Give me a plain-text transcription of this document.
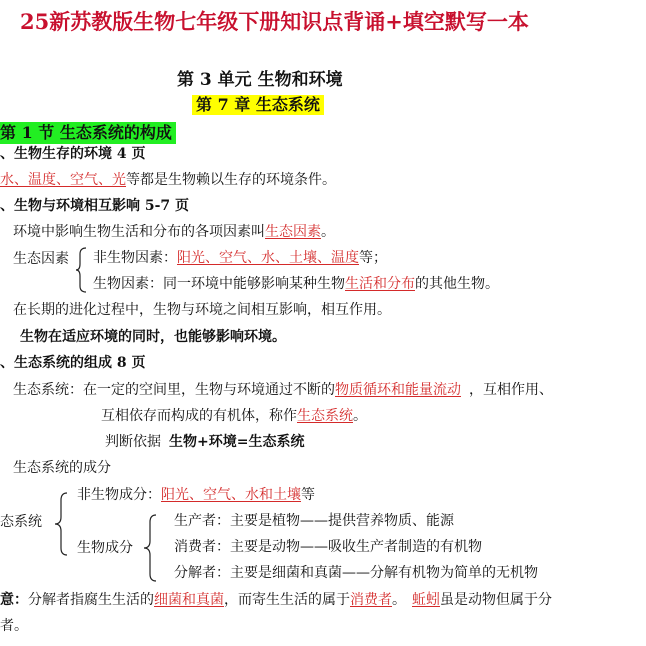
25新苏教版生物七年级下册知识点背诵+填空默写一本
第 3 单元 生物和环境
第 7 章 生态系统
第 1 节 生态系统的构成
、生物生存的环境 4 页
水、温度、空气、光等都是生物赖以生存的环境条件。
、生物与环境相互影响 5-7 页
环境中影响生物生活和分布的各项因素叫生态因素。
生态因素 非生物因素：阳光、空气、水、土壤、温度等；
生物因素：同一环境中能够影响某种生物生活和分布的其他生物。
在长期的进化过程中，生物与环境之间相互影响，相互作用。
生物在适应环境的同时，也能够影响环境。
、生态系统的组成 8 页
生态系统：在一定的空间里，生物与环境通过不断的物质循环和能量流动 ，互相作用、
互相依存而构成的有机体，称作生态系统。
判断依据 生物+环境=生态系统
生态系统的成分
态系统
非生物成分：阳光、空气、水和土壤等
生物成分
生产者：主要是植物——提供营养物质、能源
消费者：主要是动物——吸收生产者制造的有机物
分解者：主要是细菌和真菌——分解有机物为简单的无机物
意：分解者指腐生生活的细菌和真菌，而寄生生活的属于消费者。 蚯蚓虽是动物但属于分
者。
